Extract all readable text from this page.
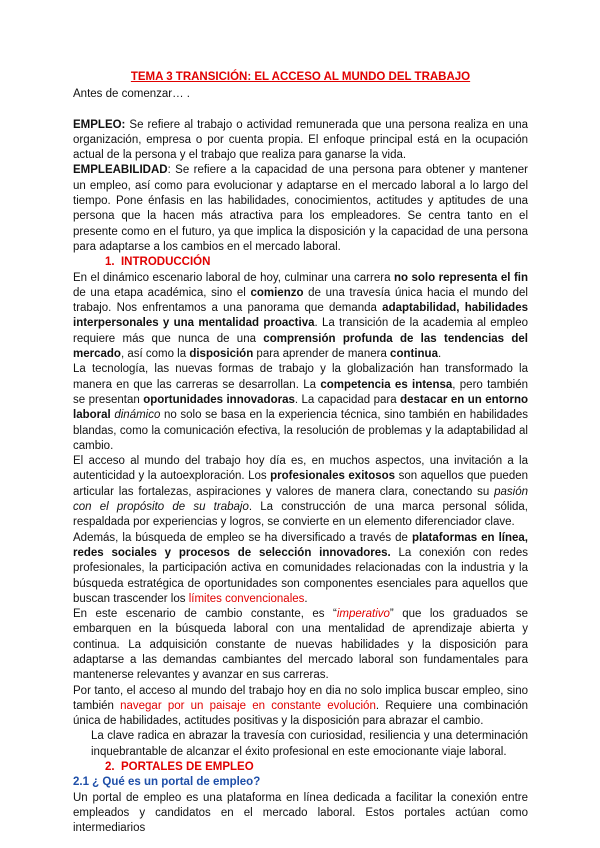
TEMA 3 TRANSICIÓN: EL ACCESO AL MUNDO DEL TRABAJO

Antes de comenzar… .

EMPLEO: Se refiere al trabajo o actividad remunerada que una persona realiza en una organización, empresa o por cuenta propia. El enfoque principal está en la ocupación actual de la persona y el trabajo que realiza para ganarse la vida.

EMPLEABILIDAD: Se refiere a la capacidad de una persona para obtener y mantener un empleo, así como para evolucionar y adaptarse en el mercado laboral a lo largo del tiempo. Pone énfasis en las habilidades, conocimientos, actitudes y aptitudes de una persona que la hacen más atractiva para los empleadores. Se centra tanto en el presente como en el futuro, ya que implica la disposición y la capacidad de una persona para adaptarse a los cambios en el mercado laboral.

1. INTRODUCCIÓN

En el dinámico escenario laboral de hoy, culminar una carrera no solo representa el fin de una etapa académica, sino el comienzo de una travesía única hacia el mundo del trabajo. Nos enfrentamos a una panorama que demanda adaptabilidad, habilidades interpersonales y una mentalidad proactiva. La transición de la academia al empleo requiere más que nunca de una comprensión profunda de las tendencias del mercado, así como la disposición para aprender de manera continua.

La tecnología, las nuevas formas de trabajo y la globalización han transformado la manera en que las carreras se desarrollan. La competencia es intensa, pero también se presentan oportunidades innovadoras. La capacidad para destacar en un entorno laboral dinámico no solo se basa en la experiencia técnica, sino también en habilidades blandas, como la comunicación efectiva, la resolución de problemas y la adaptabilidad al cambio.

El acceso al mundo del trabajo hoy día es, en muchos aspectos, una invitación a la autenticidad y la autoexploración. Los profesionales exitosos son aquellos que pueden articular las fortalezas, aspiraciones y valores de manera clara, conectando su pasión con el propósito de su trabajo. La construcción de una marca personal sólida, respaldada por experiencias y logros, se convierte en un elemento diferenciador clave.

Además, la búsqueda de empleo se ha diversificado a través de plataformas en línea, redes sociales y procesos de selección innovadores. La conexión con redes profesionales, la participación activa en comunidades relacionadas con la industria y la búsqueda estratégica de oportunidades son componentes esenciales para aquellos que buscan trascender los límites convencionales.

En este escenario de cambio constante, es “imperativo” que los graduados se embarquen en la búsqueda laboral con una mentalidad de aprendizaje abierta y continua. La adquisición constante de nuevas habilidades y la disposición para adaptarse a las demandas cambiantes del mercado laboral son fundamentales para mantenerse relevantes y avanzar en sus carreras.

Por tanto, el acceso al mundo del trabajo hoy en dia no solo implica buscar empleo, sino también navegar por un paisaje en constante evolución. Requiere una combinación única de habilidades, actitudes positivas y la disposición para abrazar el cambio.

La clave radica en abrazar la travesía con curiosidad, resiliencia y una determinación inquebrantable de alcanzar el éxito profesional en este emocionante viaje laboral.

2. PORTALES DE EMPLEO

2.1 ¿ Qué es un portal de empleo?

Un portal de empleo es una plataforma en línea dedicada a facilitar la conexión entre empleados y candidatos en el mercado laboral. Estos portales actúan como intermediarios
